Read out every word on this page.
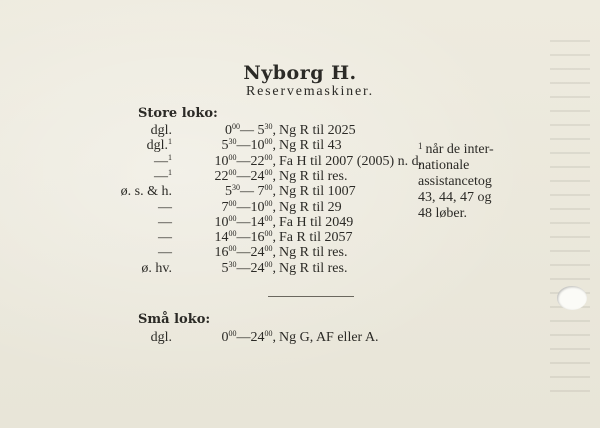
Nyborg H.
Reservemaskiner.
Store loko:
dgl.	$0^{00}—$ $5^{30}$, Ng R til 2025
dgl.$^1$	$5^{30}—10^{00}$, Ng R til 43
—$^1$	$10^{00}—22^{00}$, Fa H til 2007 (2005) n. d.
—$^1$	$22^{00}—24^{00}$, Ng R til res.
ø. s. & h.	$5^{30}—$ $7^{00}$, Ng R til 1007
—	$7^{00}—10^{00}$, Ng R til 29
—	$10^{00}—14^{00}$, Fa H til 2049
—	$14^{00}—16^{00}$, Fa R til 2057
—	$16^{00}—24^{00}$, Ng R til res.
ø. hv.	$5^{30}—24^{00}$, Ng R til res.
$^1$ når de inter-
nationale
assistancetog
43, 44, 47 og
48 løber.
Små loko:
dgl.	$0^{00}—24^{00}$, Ng G, AF eller A.
